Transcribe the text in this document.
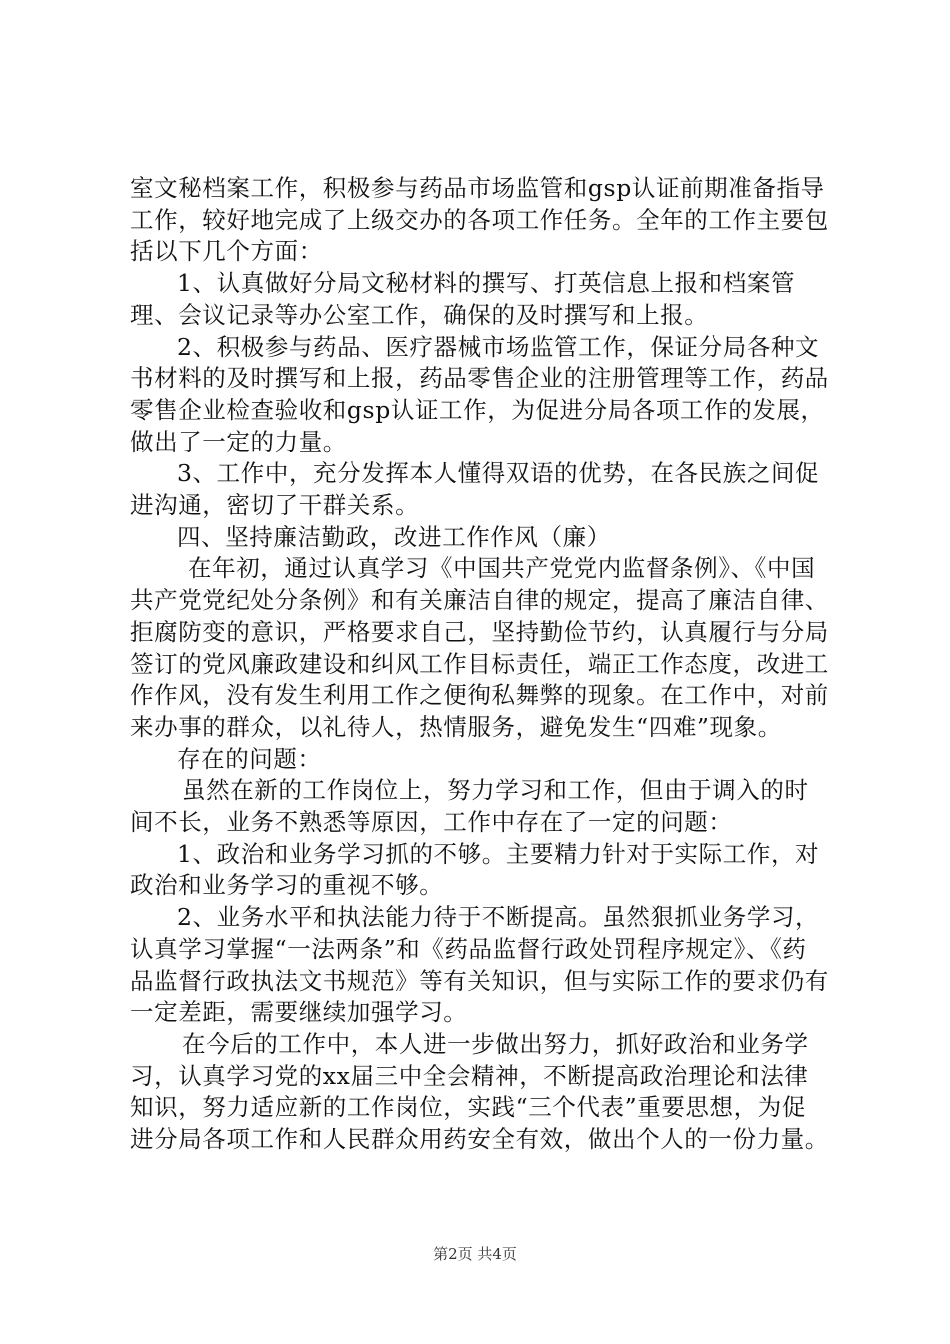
室文秘档案工作，积极参与药品市场监管和gsp认证前期准备指导工作，较好地完成了上级交办的各项工作任务。全年的工作主要包括以下几个方面：

1、认真做好分局文秘材料的撰写、打英信息上报和档案管理、会议记录等办公室工作，确保的及时撰写和上报。

2、积极参与药品、医疗器械市场监管工作，保证分局各种文书材料的及时撰写和上报，药品零售企业的注册管理等工作，药品零售企业检查验收和gsp认证工作，为促进分局各项工作的发展，做出了一定的力量。

3、工作中，充分发挥本人懂得双语的优势，在各民族之间促进沟通，密切了干群关系。

四、坚持廉洁勤政，改进工作作风（廉）

在年初，通过认真学习《中国共产党党内监督条例》、《中国共产党党纪处分条例》和有关廉洁自律的规定，提高了廉洁自律、拒腐防变的意识，严格要求自己，坚持勤俭节约，认真履行与分局签订的党风廉政建设和纠风工作目标责任，端正工作态度，改进工作作风，没有发生利用工作之便徇私舞弊的现象。在工作中，对前来办事的群众，以礼待人，热情服务，避免发生“四难”现象。

存在的问题：

虽然在新的工作岗位上，努力学习和工作，但由于调入的时间不长，业务不熟悉等原因，工作中存在了一定的问题：

1、政治和业务学习抓的不够。主要精力针对于实际工作，对政治和业务学习的重视不够。

2、业务水平和执法能力待于不断提高。虽然狠抓业务学习，认真学习掌握“一法两条”和《药品监督行政处罚程序规定》、《药品监督行政执法文书规范》等有关知识，但与实际工作的要求仍有一定差距，需要继续加强学习。

在今后的工作中，本人进一步做出努力，抓好政治和业务学习，认真学习党的xx届三中全会精神，不断提高政治理论和法律知识，努力适应新的工作岗位，实践“三个代表”重要思想，为促进分局各项工作和人民群众用药安全有效，做出个人的一份力量。

第2页 共4页
